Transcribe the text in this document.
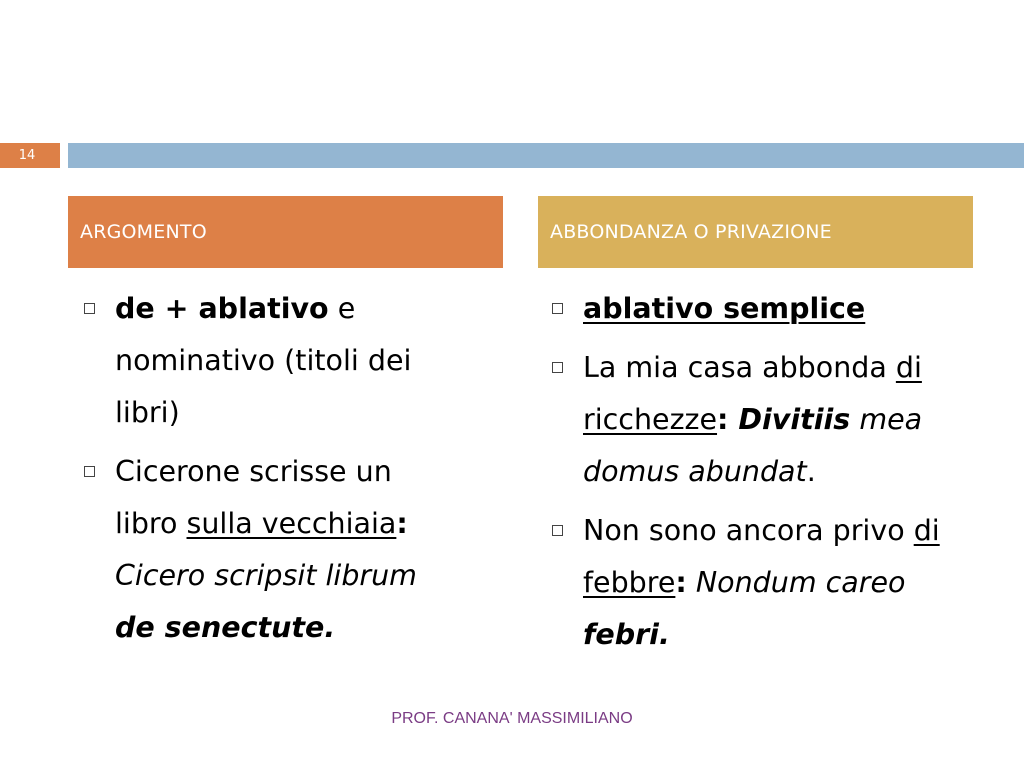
14
ARGOMENTO	ABBONDANZA O PRIVAZIONE
de + ablativo e nominativo (titoli dei libri)
Cicerone scrisse un libro sulla vecchiaia: Cicero scripsit librum de senectute.
ablativo semplice
La mia casa abbonda di ricchezze: Divitiis mea domus abundat.
Non sono ancora privo di febbre: Nondum careo febri.
PROF. CANANA' MASSIMILIANO
